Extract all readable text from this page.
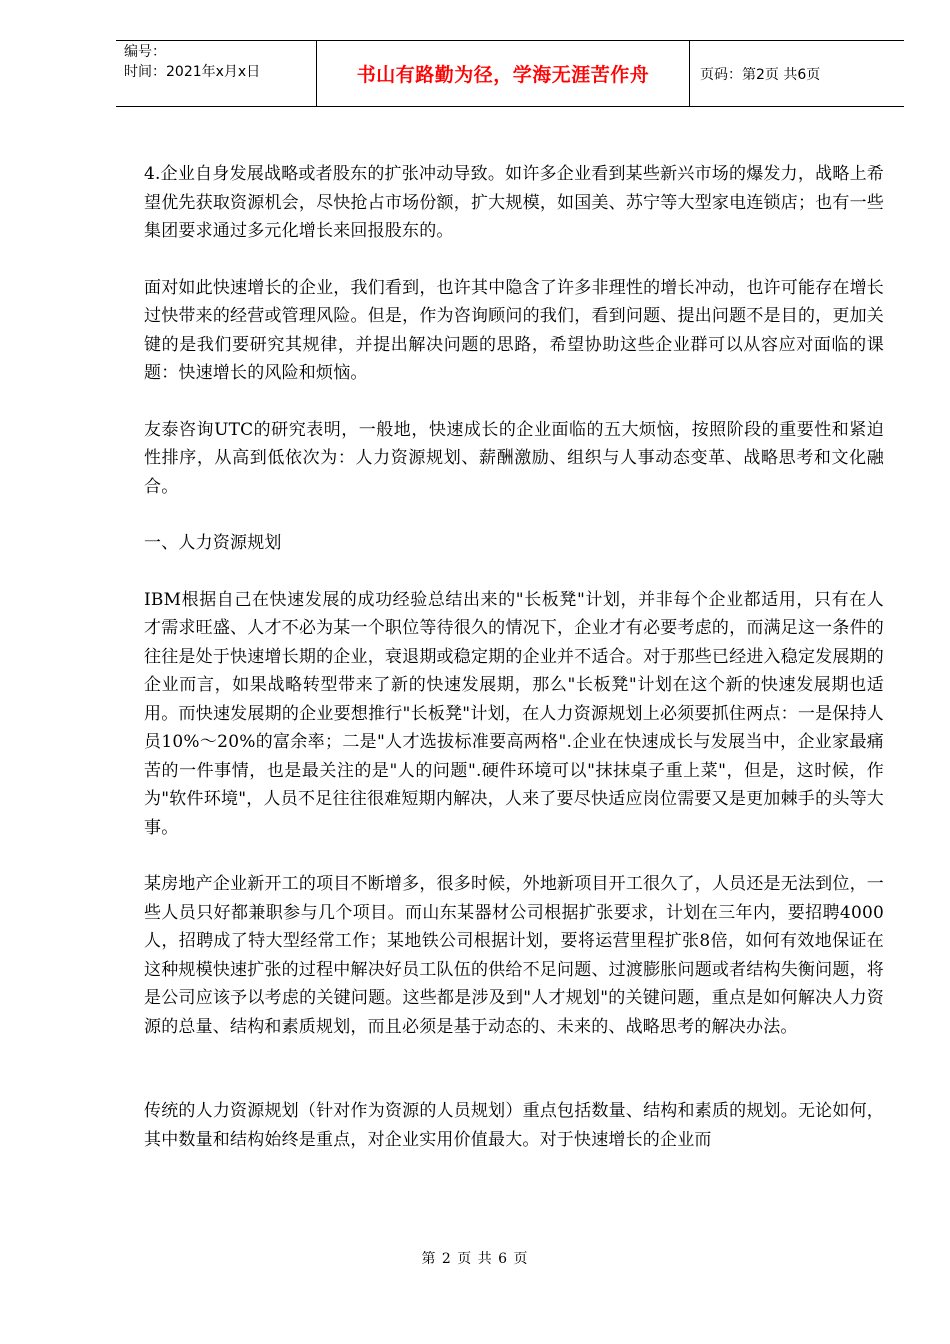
编号：
时间：2021年x月x日	书山有路勤为径，学海无涯苦作舟	页码：第2页 共6页

4.企业自身发展战略或者股东的扩张冲动导致。如许多企业看到某些新兴市场的爆发力，战略上希望优先获取资源机会，尽快抢占市场份额，扩大规模，如国美、苏宁等大型家电连锁店；也有一些集团要求通过多元化增长来回报股东的。

面对如此快速增长的企业，我们看到，也许其中隐含了许多非理性的增长冲动，也许可能存在增长过快带来的经营或管理风险。但是，作为咨询顾问的我们，看到问题、提出问题不是目的，更加关键的是我们要研究其规律，并提出解决问题的思路，希望协助这些企业群可以从容应对面临的课题：快速增长的风险和烦恼。

友泰咨询UTC的研究表明，一般地，快速成长的企业面临的五大烦恼，按照阶段的重要性和紧迫性排序，从高到低依次为：人力资源规划、薪酬激励、组织与人事动态变革、战略思考和文化融合。

一、人力资源规划

IBM根据自己在快速发展的成功经验总结出来的"长板凳"计划，并非每个企业都适用，只有在人才需求旺盛、人才不必为某一个职位等待很久的情况下，企业才有必要考虑的，而满足这一条件的往往是处于快速增长期的企业，衰退期或稳定期的企业并不适合。对于那些已经进入稳定发展期的企业而言，如果战略转型带来了新的快速发展期，那么"长板凳"计划在这个新的快速发展期也适用。而快速发展期的企业要想推行"长板凳"计划，在人力资源规划上必须要抓住两点：一是保持人员10%～20%的富余率；二是"人才选拔标准要高两格".企业在快速成长与发展当中，企业家最痛苦的一件事情，也是最关注的是"人的问题".硬件环境可以"抹抹桌子重上菜"，但是，这时候，作为"软件环境"，人员不足往往很难短期内解决，人来了要尽快适应岗位需要又是更加棘手的头等大事。

某房地产企业新开工的项目不断增多，很多时候，外地新项目开工很久了，人员还是无法到位，一些人员只好都兼职参与几个项目。而山东某器材公司根据扩张要求，计划在三年内，要招聘4000人，招聘成了特大型经常工作；某地铁公司根据计划，要将运营里程扩张8倍，如何有效地保证在这种规模快速扩张的过程中解决好员工队伍的供给不足问题、过渡膨胀问题或者结构失衡问题，将是公司应该予以考虑的关键问题。这些都是涉及到"人才规划"的关键问题，重点是如何解决人力资源的总量、结构和素质规划，而且必须是基于动态的、未来的、战略思考的解决办法。

传统的人力资源规划（针对作为资源的人员规划）重点包括数量、结构和素质的规划。无论如何，其中数量和结构始终是重点，对企业实用价值最大。对于快速增长的企业而

第 2 页 共 6 页
